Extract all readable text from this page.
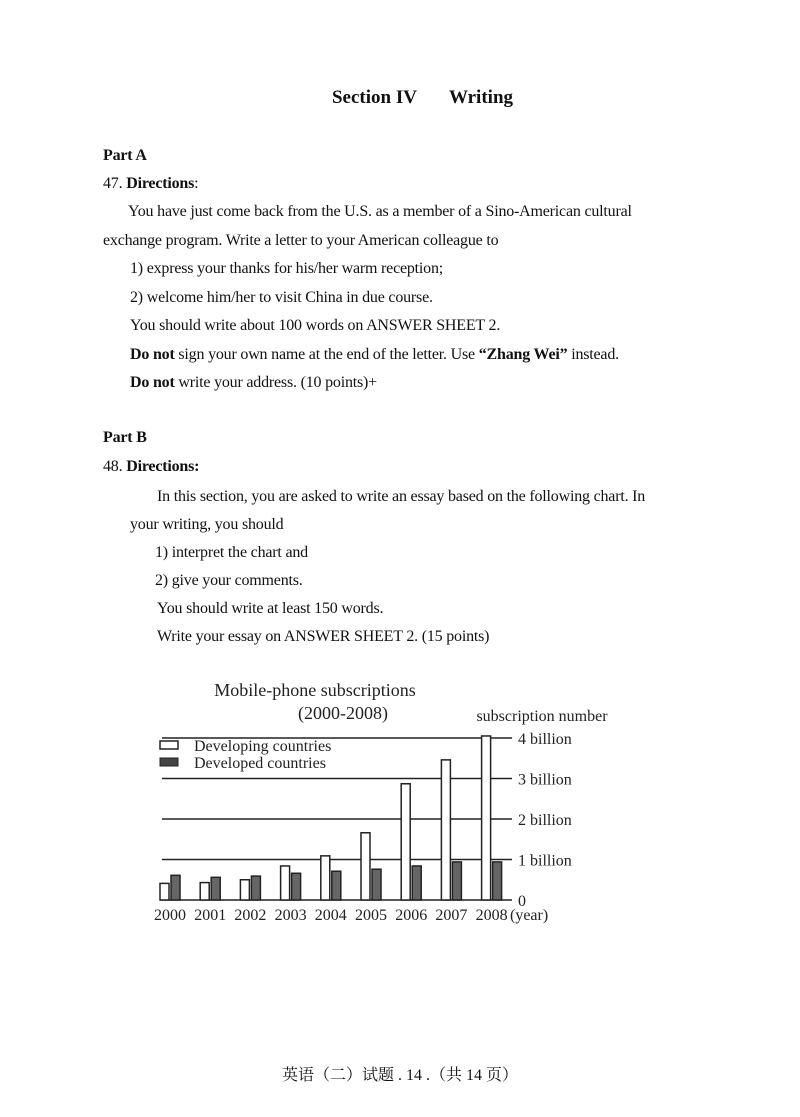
Section IV Writing
Part A
47. Directions:
You have just come back from the U.S. as a member of a Sino-American cultural
exchange program. Write a letter to your American colleague to
1) express your thanks for his/her warm reception;
2) welcome him/her to visit China in due course.
You should write about 100 words on ANSWER SHEET 2.
Do not sign your own name at the end of the letter. Use “Zhang Wei” instead.
Do not write your address. (10 points)+
Part B
48. Directions:
In this section, you are asked to write an essay based on the following chart. In
your writing, you should
1) interpret the chart and
2) give your comments.
You should write at least 150 words.
Write your essay on ANSWER SHEET 2. (15 points)
Mobile-phone subscriptions
(2000-2008)	subscription number
0
1 billion
2 billion
3 billion
4 billion
Developing countries
Developed countries
2000 2001 2002 2003 2004 2005 2006 2007 2008 (year)
英语（二）试题 . 14 .（共 14 页）
